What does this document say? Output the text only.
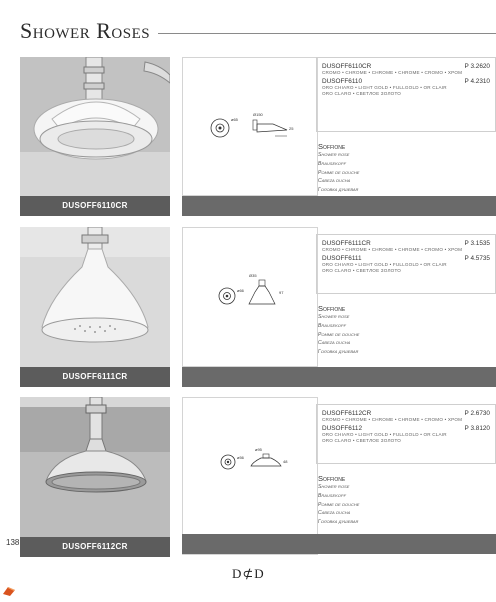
Shower Roses
DUSOFF6110CR
ø65
Ø150
25
DUSOFF6110CR	P 3.2620
CROMO • CHROME • CHROME • CHROME • CROMO • XPOM
DUSOFF6110	P 4.2310
ORO CHIARO • LIGHT GOLD • FULLGOLD • OR CLAIR
ORO CLARO • СВЕТЛОЕ ЗОЛОТО
Soffione
Shower rose
Brausekopf
Pomme de douche
Cabeza ducha
Головка душевая
DUSOFF6111CR
ø66
Ø35
97
DUSOFF6111CR	P 3.1535
CROMO • CHROME • CHROME • CHROME • CROMO • XPOM
DUSOFF6111	P 4.5735
ORO CHIARO • LIGHT GOLD • FULLGOLD • OR CLAIR
ORO CLARO • СВЕТЛОЕ ЗОЛОТО
Soffione
Shower rose
Brausekopf
Pomme de douche
Cabeza ducha
Головка душевая
DUSOFF6112CR
ø56
ø95
48
DUSOFF6112CR	P 2.6730
CROMO • CHROME • CHROME • CHROME • CROMO • XPOM
DUSOFF6112	P 3.8120
ORO CHIARO • LIGHT GOLD • FULLGOLD • OR CLAIR
ORO CLARO • СВЕТЛОЕ ЗОЛОТО
Soffione
Shower rose
Brausekopf
Pomme de douche
Cabeza ducha
Головка душевая
138
D⊄D
